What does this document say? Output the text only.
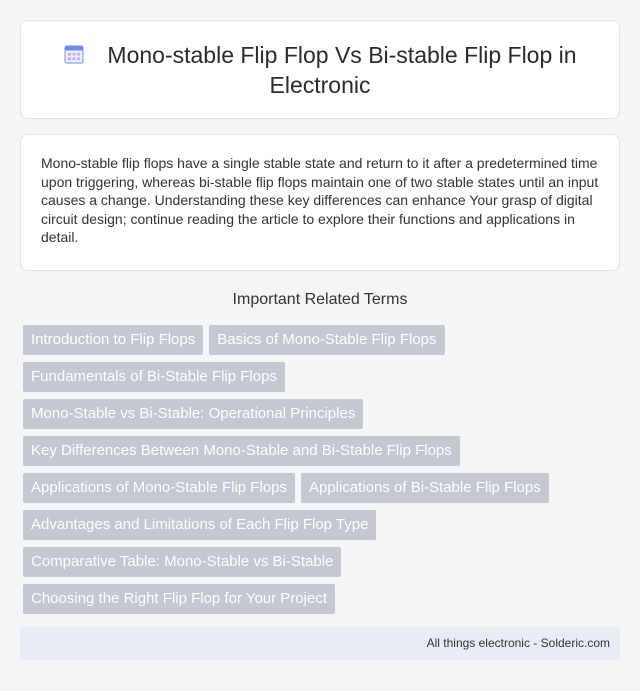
Mono-stable Flip Flop Vs Bi-stable Flip Flop in Electronic

Mono-stable flip flops have a single stable state and return to it after a predetermined time upon triggering, whereas bi-stable flip flops maintain one of two stable states until an input causes a change. Understanding these key differences can enhance Your grasp of digital circuit design; continue reading the article to explore their functions and applications in detail.

Important Related Terms
Introduction to Flip Flops	Basics of Mono-Stable Flip Flops
Fundamentals of Bi-Stable Flip Flops
Mono-Stable vs Bi-Stable: Operational Principles
Key Differences Between Mono-Stable and Bi-Stable Flip Flops
Applications of Mono-Stable Flip Flops	Applications of Bi-Stable Flip Flops
Advantages and Limitations of Each Flip Flop Type
Comparative Table: Mono-Stable vs Bi-Stable
Choosing the Right Flip Flop for Your Project
All things electronic - Solderic.com
